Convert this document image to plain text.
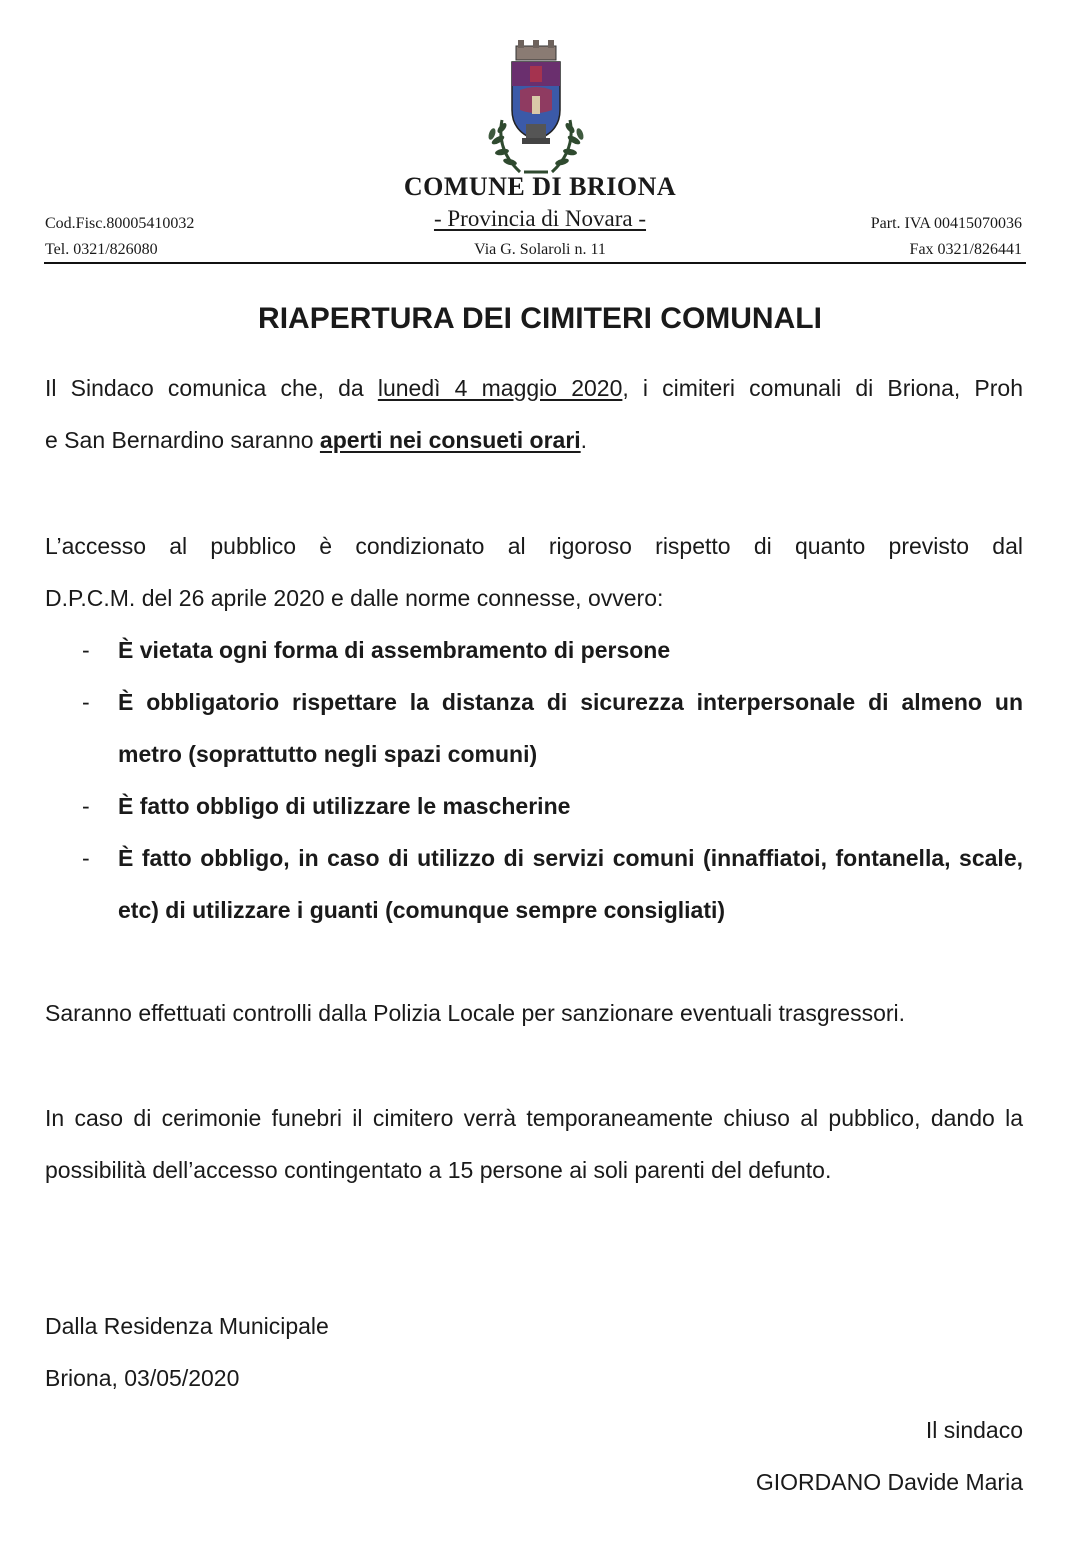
COMUNE DI BRIONA
- Provincia di Novara -
Cod.Fisc.80005410032
Tel. 0321/826080
Part. IVA 00415070036
Fax 0321/826441
Via G. Solaroli n. 11
RIAPERTURA DEI CIMITERI COMUNALI
Il Sindaco comunica che, da lunedì 4 maggio 2020, i cimiteri comunali di Briona, Proh
e San Bernardino saranno aperti nei consueti orari.
L’accesso al pubblico è condizionato al rigoroso rispetto di quanto previsto dal
D.P.C.M. del 26 aprile 2020 e dalle norme connesse, ovvero:
- È vietata ogni forma di assembramento di persone
- È obbligatorio rispettare la distanza di sicurezza interpersonale di almeno un metro (soprattutto negli spazi comuni)
- È fatto obbligo di utilizzare le mascherine
- È fatto obbligo, in caso di utilizzo di servizi comuni (innaffiatoi, fontanella, scale, etc) di utilizzare i guanti (comunque sempre consigliati)
Saranno effettuati controlli dalla Polizia Locale per sanzionare eventuali trasgressori.
In caso di cerimonie funebri il cimitero verrà temporaneamente chiuso al pubblico, dando la possibilità dell’accesso contingentato a 15 persone ai soli parenti del defunto.
Dalla Residenza Municipale
Briona, 03/05/2020
Il sindaco
GIORDANO Davide Maria
